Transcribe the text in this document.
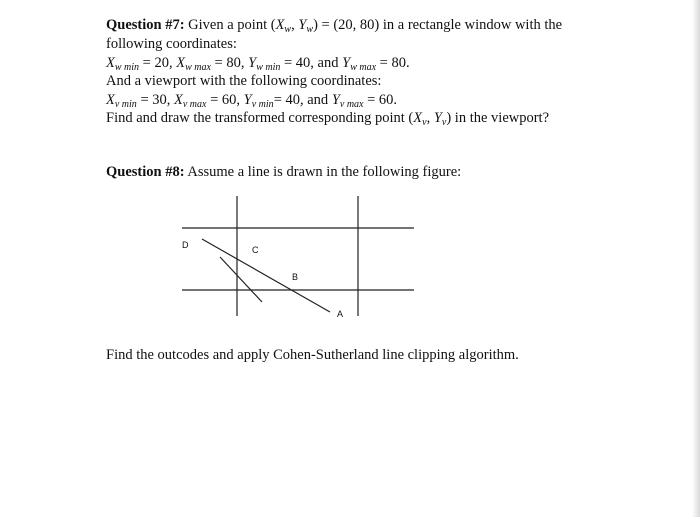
Question #7: Given a point ($X_w$, $Y_w) = (20$, 80) in a rectangle window with the
following coordinates:
$X_{w min} = 20$, $X_{w max} = 80$, $Y_{w min} = 40$, and $Y_{w max} = 80$.
And a viewport with the following coordinates:
$X_{v min} = 30$, $X_{v max} = 60$, $Y_{v min}= 40$, and $Y_{v max} = 60$.
Find and draw the transformed corresponding point ($X_v$, $Y_v$) in the viewport?
Question #8: Assume a line is drawn in the following figure:
D	C
B
A
Find the outcodes and apply Cohen-Sutherland line clipping algorithm.
